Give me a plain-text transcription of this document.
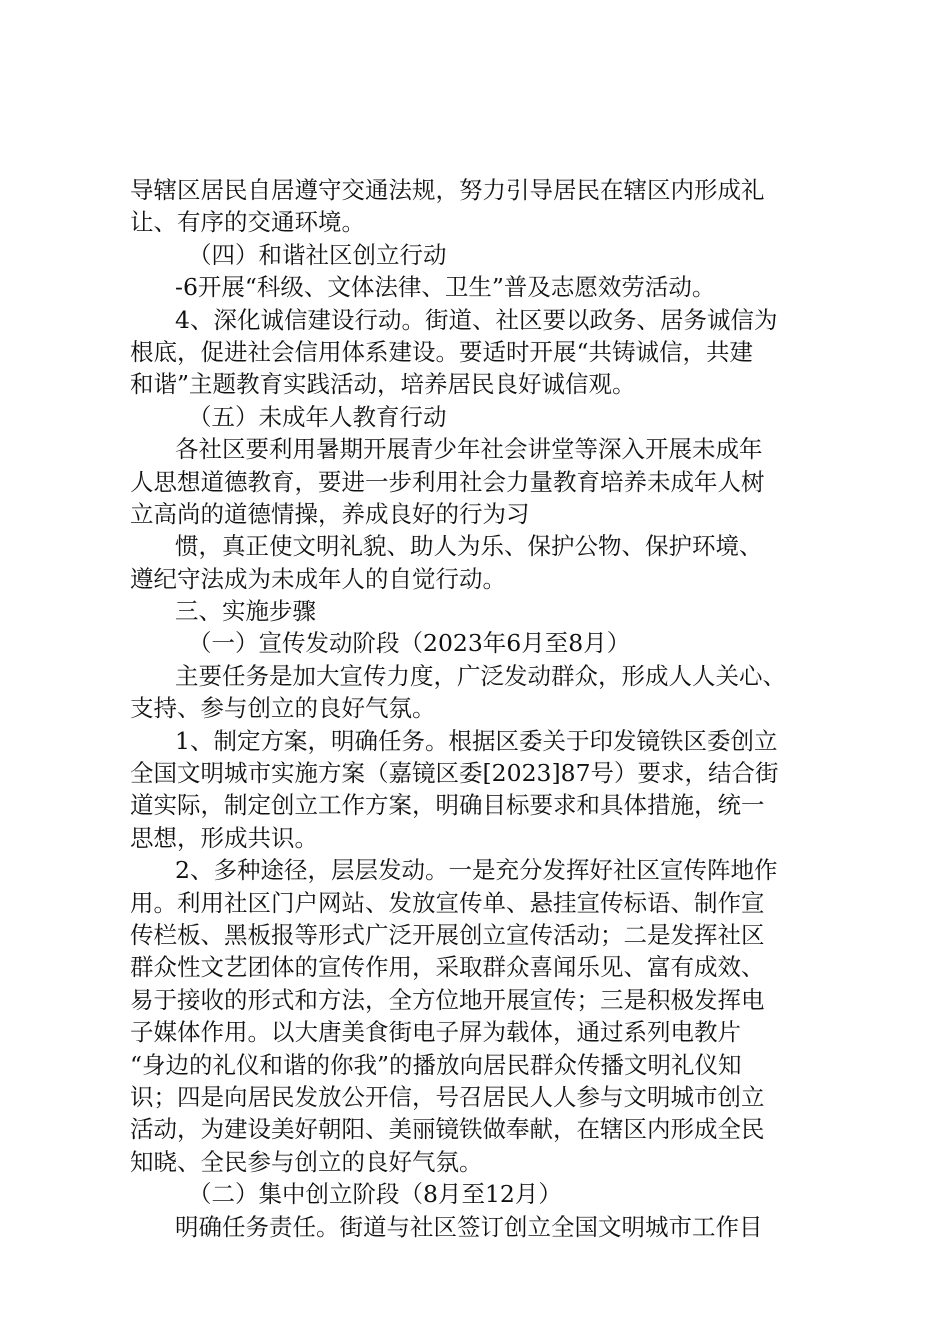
导辖区居民自居遵守交通法规，努力引导居民在辖区内形成礼
让、有序的交通环境。
（四）和谐社区创立行动
-6开展“科级、文体法律、卫生”普及志愿效劳活动。
4、深化诚信建设行动。街道、社区要以政务、居务诚信为
根底，促进社会信用体系建设。要适时开展“共铸诚信，共建
和谐”主题教育实践活动，培养居民良好诚信观。
（五）未成年人教育行动
各社区要利用暑期开展青少年社会讲堂等深入开展未成年
人思想道德教育，要进一步利用社会力量教育培养未成年人树
立高尚的道德情操，养成良好的行为习
惯，真正使文明礼貌、助人为乐、保护公物、保护环境、
遵纪守法成为未成年人的自觉行动。
三、实施步骤
（一）宣传发动阶段（2023年6月至8月）
主要任务是加大宣传力度，广泛发动群众，形成人人关心、
支持、参与创立的良好气氛。
1、制定方案，明确任务。根据区委关于印发镜铁区委创立
全国文明城市实施方案（嘉镜区委[2023]87号）要求，结合街
道实际，制定创立工作方案，明确目标要求和具体措施，统一
思想，形成共识。
2、多种途径，层层发动。一是充分发挥好社区宣传阵地作
用。利用社区门户网站、发放宣传单、悬挂宣传标语、制作宣
传栏板、黑板报等形式广泛开展创立宣传活动；二是发挥社区
群众性文艺团体的宣传作用，采取群众喜闻乐见、富有成效、
易于接收的形式和方法，全方位地开展宣传；三是积极发挥电
子媒体作用。以大唐美食街电子屏为载体，通过系列电教片
“身边的礼仪和谐的你我”的播放向居民群众传播文明礼仪知
识；四是向居民发放公开信，号召居民人人参与文明城市创立
活动，为建设美好朝阳、美丽镜铁做奉献，在辖区内形成全民
知晓、全民参与创立的良好气氛。
（二）集中创立阶段（8月至12月）
明确任务责任。街道与社区签订创立全国文明城市工作目
